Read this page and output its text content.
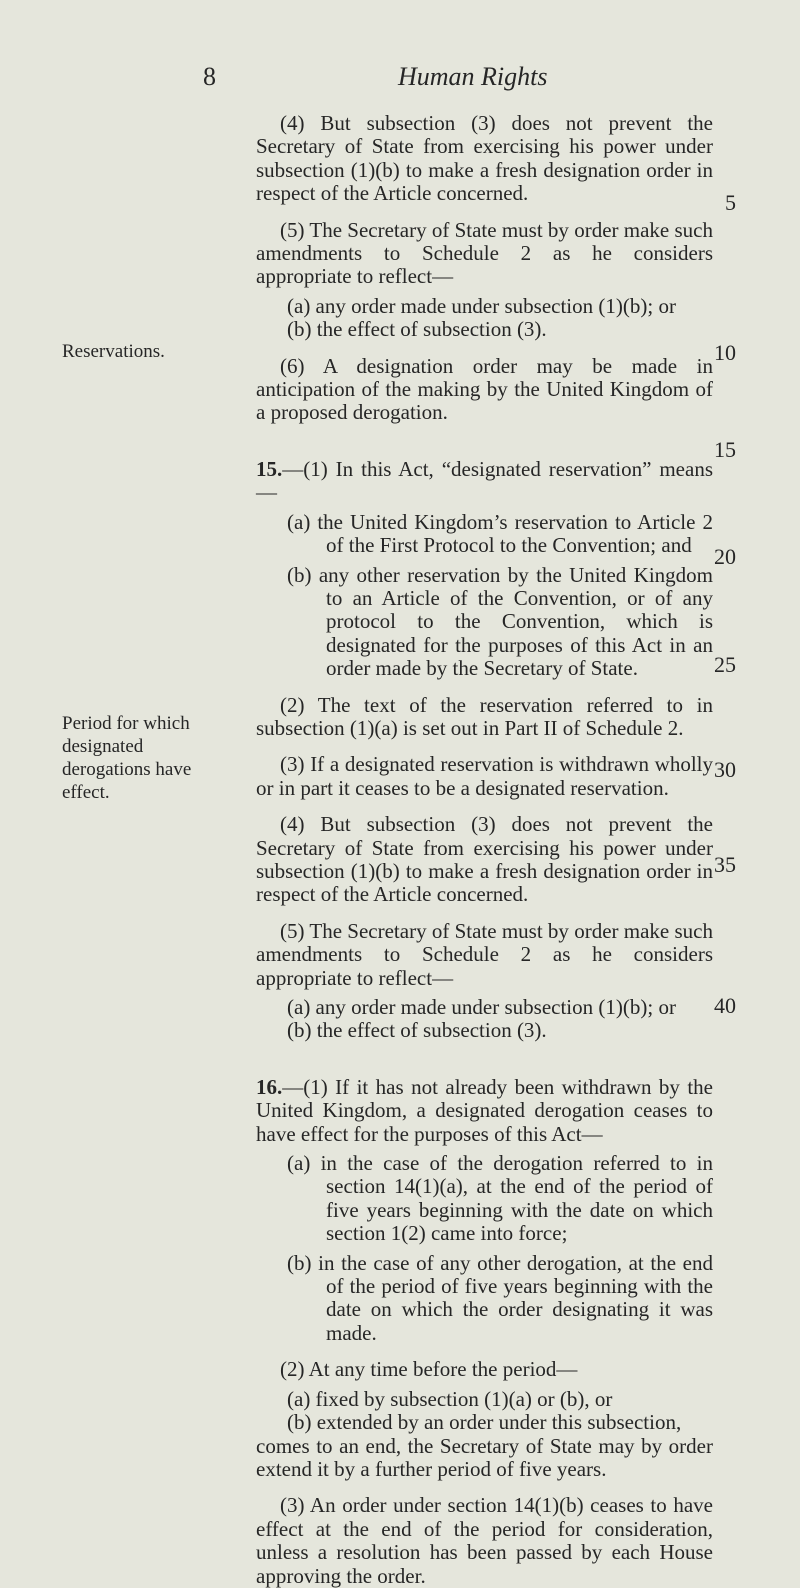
8	Human Rights
Reservations.
Period for which designated derogations have effect.
5
10
15
20
25
30
35
40

(4) But subsection (3) does not prevent the Secretary of State from exercising his power under subsection (1)(b) to make a fresh designation order in respect of the Article concerned.

(5) The Secretary of State must by order make such amendments to Schedule 2 as he considers appropriate to reflect—

(a) any order made under subsection (1)(b); or

(b) the effect of subsection (3).

(6) A designation order may be made in anticipation of the making by the United Kingdom of a proposed derogation.

15.—(1) In this Act, “designated reservation” means—

(a) the United Kingdom’s reservation to Article 2 of the First Protocol to the Convention; and

(b) any other reservation by the United Kingdom to an Article of the Convention, or of any protocol to the Convention, which is designated for the purposes of this Act in an order made by the Secretary of State.

(2) The text of the reservation referred to in subsection (1)(a) is set out in Part II of Schedule 2.

(3) If a designated reservation is withdrawn wholly or in part it ceases to be a designated reservation.

(4) But subsection (3) does not prevent the Secretary of State from exercising his power under subsection (1)(b) to make a fresh designation order in respect of the Article concerned.

(5) The Secretary of State must by order make such amendments to Schedule 2 as he considers appropriate to reflect—

(a) any order made under subsection (1)(b); or

(b) the effect of subsection (3).

16.—(1) If it has not already been withdrawn by the United Kingdom, a designated derogation ceases to have effect for the purposes of this Act—

(a) in the case of the derogation referred to in section 14(1)(a), at the end of the period of five years beginning with the date on which section 1(2) came into force;

(b) in the case of any other derogation, at the end of the period of five years beginning with the date on which the order designating it was made.

(2) At any time before the period—

(a) fixed by subsection (1)(a) or (b), or

(b) extended by an order under this subsection,

comes to an end, the Secretary of State may by order extend it by a further period of five years.

(3) An order under section 14(1)(b) ceases to have effect at the end of the period for consideration, unless a resolution has been passed by each House approving the order.
